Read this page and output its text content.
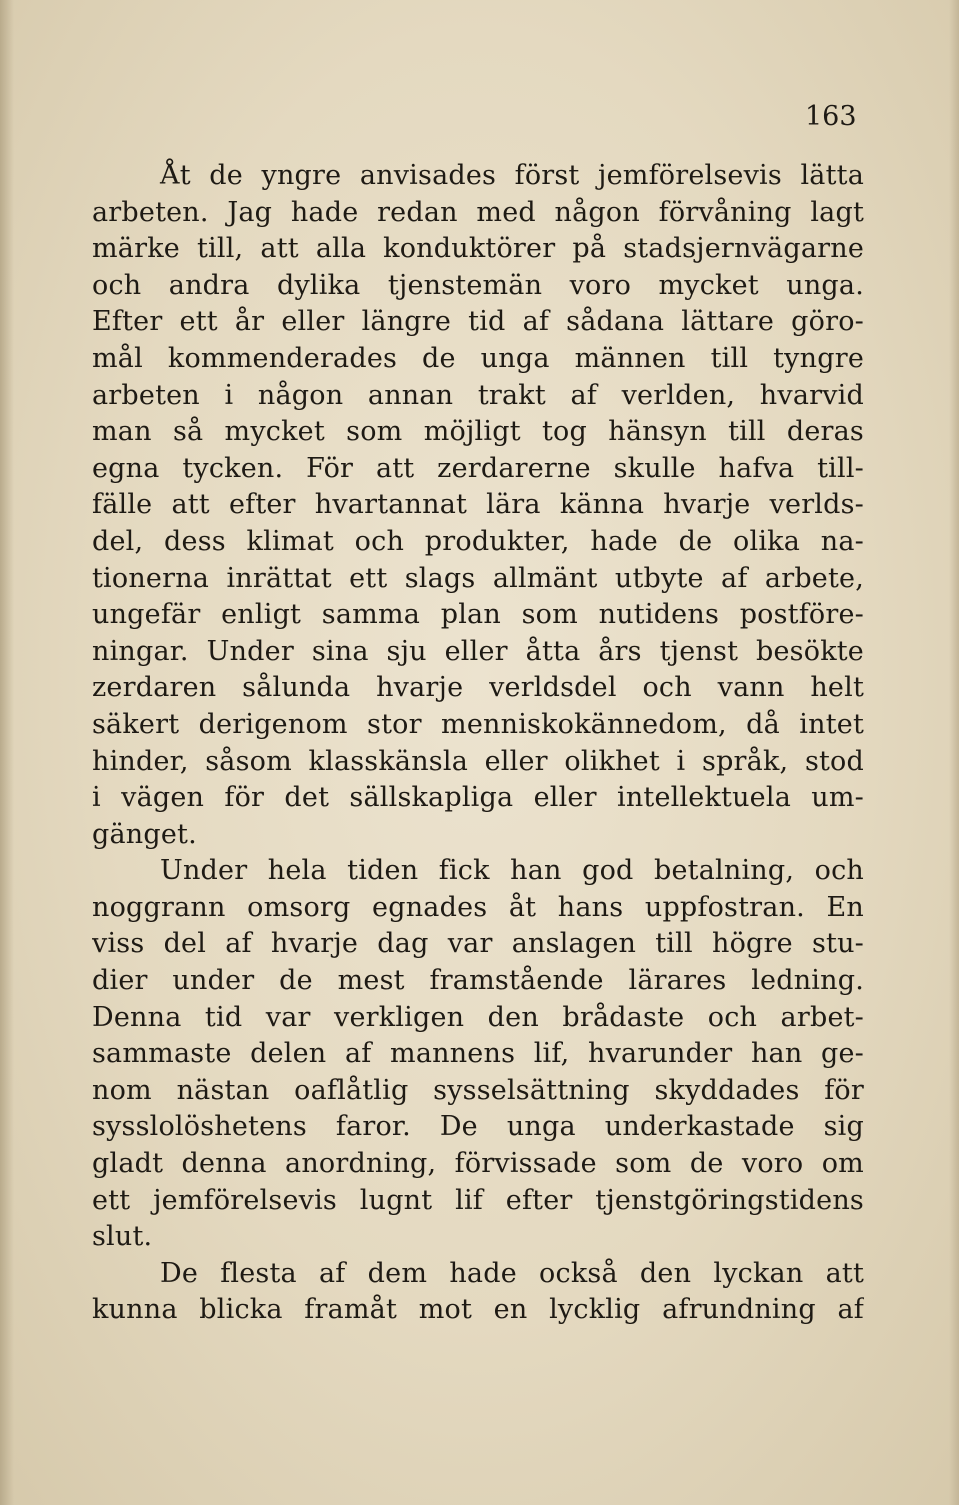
163
Åt de yngre anvisades först jemförelsevis lätta
arbeten. Jag hade redan med någon förvåning lagt
märke till, att alla konduktörer på stadsjernvägarne
och andra dylika tjenstemän voro mycket unga.
Efter ett år eller längre tid af sådana lättare göro-
mål kommenderades de unga männen till tyngre
arbeten i någon annan trakt af verlden, hvarvid
man så mycket som möjligt tog hänsyn till deras
egna tycken. För att zerdarerne skulle hafva till-
fälle att efter hvartannat lära känna hvarje verlds-
del, dess klimat och produkter, hade de olika na-
tionerna inrättat ett slags allmänt utbyte af arbete,
ungefär enligt samma plan som nutidens postföre-
ningar. Under sina sju eller åtta års tjenst besökte
zerdaren sålunda hvarje verldsdel och vann helt
säkert derigenom stor menniskokännedom, då intet
hinder, såsom klasskänsla eller olikhet i språk, stod
i vägen för det sällskapliga eller intellektuela um-
gänget.
Under hela tiden fick han god betalning, och
noggrann omsorg egnades åt hans uppfostran. En
viss del af hvarje dag var anslagen till högre stu-
dier under de mest framstående lärares ledning.
Denna tid var verkligen den brådaste och arbet-
sammaste delen af mannens lif, hvarunder han ge-
nom nästan oaflåtlig sysselsättning skyddades för
sysslolöshetens faror. De unga underkastade sig
gladt denna anordning, förvissade som de voro om
ett jemförelsevis lugnt lif efter tjenstgöringstidens
slut.
De flesta af dem hade också den lyckan att
kunna blicka framåt mot en lycklig afrundning af
